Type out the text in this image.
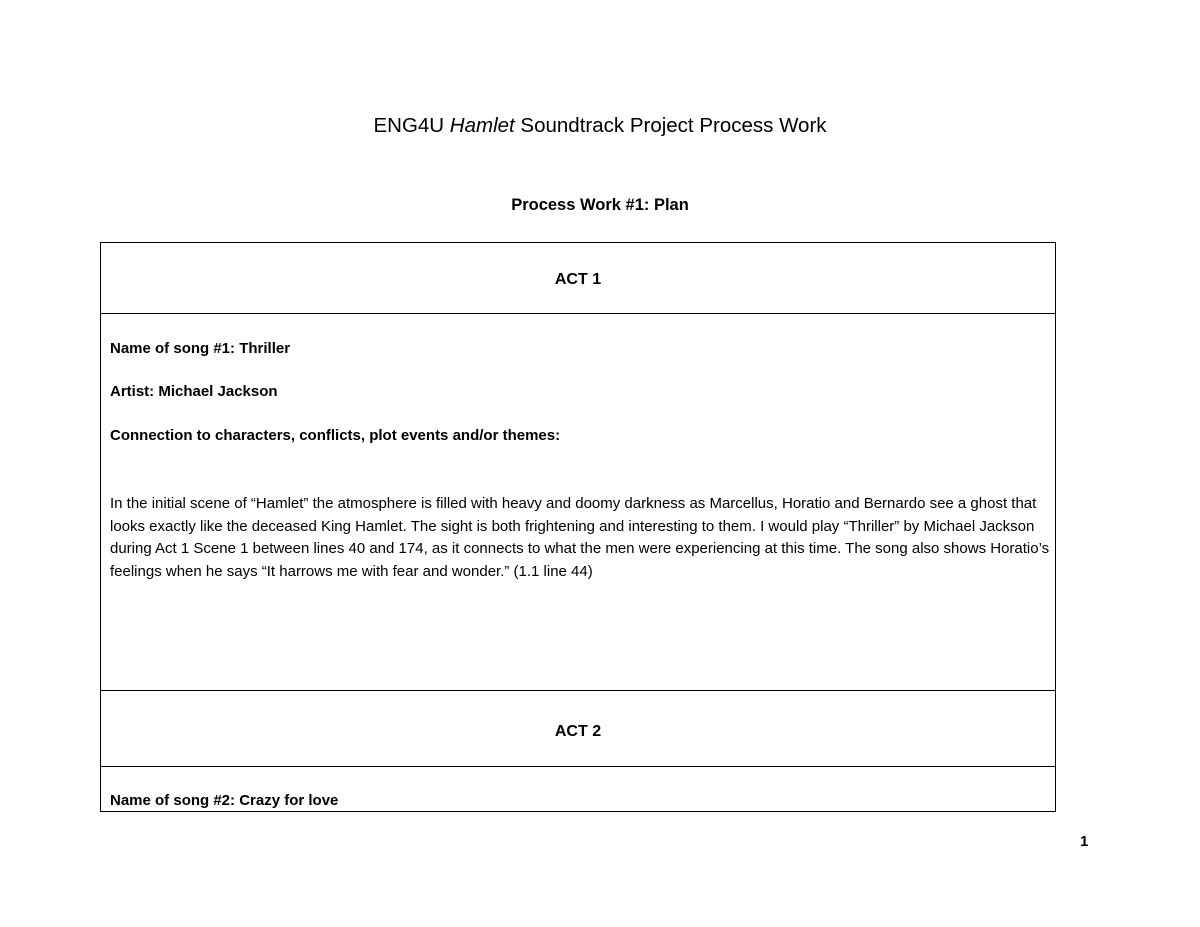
ENG4U Hamlet Soundtrack Project Process Work
Process Work #1: Plan
ACT 1
Name of song #1: Thriller
Artist: Michael Jackson
Connection to characters, conflicts, plot events and/or themes:
In the initial scene of “Hamlet” the atmosphere is filled with heavy and doomy darkness as Marcellus, Horatio and Bernardo see a ghost that looks exactly like the deceased King Hamlet. The sight is both frightening and interesting to them. I would play “Thriller” by Michael Jackson during Act 1 Scene 1 between lines 40 and 174, as it connects to what the men were experiencing at this time. The song also shows Horatio’s feelings when he says “It harrows me with fear and wonder.” (1.1 line 44)
ACT 2
Name of song #2: Crazy for love
1
